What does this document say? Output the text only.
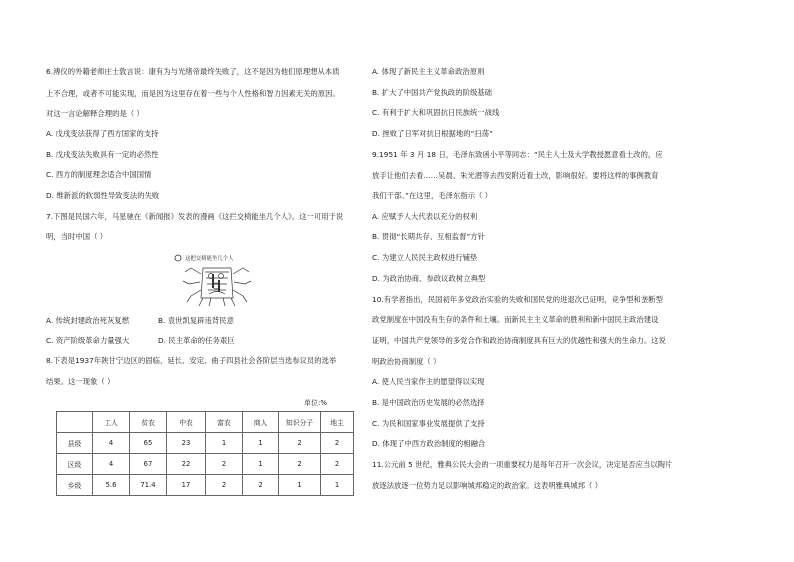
6.溥仪的外籍老师庄士敦言说：康有为与光绪帝最终失败了，这不是因为他们原理想从本质
上不合理，或者不可能实现，而是因为这里存在着一些与个人性格和智力因素无关的原因。
对这一言论解释合理的是（ ）
A. 戊戌变法获得了西方国家的支持
B. 戊戌变法失败具有一定的必然性
C. 西方的制度理念适合中国国情
D. 维新派的软弱性导致变法的失败
7.下图是民国六年，马星驰在《新闻报》发表的漫画《这拦交椅能坐几个人》。这一可用于说
明，当时中国（ ）
这把交椅能坐几个人
A. 传统封建政治死灰复燃	B. 袁世凯复辟违背民意
C. 资产阶级革命力量强大	D. 民主革命的任务艰巨
8.下表是1937年陕甘宁边区的固临、延长、安定、曲子四县社会各阶层当选参议员的选举
结果。这一现象（ ）
单位:%
	工人	贫农	中农	富农	商人	知识分子	地主
县级	4	65	23	1	1	2	2
区级	4	67	22	2	1	2	2
乡级	5.6	71.4	17	2	2	1	1
A. 体现了新民主主义革命政治原则
B. 扩大了中国共产党执政的阶级基础
C. 有利于扩大和巩固抗日民族统一战线
D. 挫败了日军对抗日根据地的“扫荡”
9.1951 年 3 月 18 日，毛泽东致函小平等同志：“民主人士及大学教授愿意看土改的，应
放手让他们去看……吴晨、朱光潜等去西安附近看土改，影响很好。要将这样的事例教育
我们干部。”在这里，毛泽东指示（ ）
A. 应赋予人大代表以充分的权利
B. 贯彻“长期共存、互相监督”方针
C. 为建立人民民主政权进行铺垫
D. 为政治协商、参政议政树立典型
10.有学者指出，民国初年多党政治实验的失败和国民党的进退次已证明，竞争型和垄断型
政党制度在中国没有生存的条件和土壤。而新民主主义革命的胜利和新中国民主政治建设
证明，中国共产党领导的多党合作和政治协商制度具有巨大的优越性和强大的生命力。这说
明政治协商制度（ ）
A. 使人民当家作主的愿望得以实现
B. 是中国政治历史发展的必然选择
C. 为民和国家事业发展提供了支持
D. 体现了中西方政治制度的相融合
11.公元前 5 世纪，雅典公民大会的一项重要权力是每年召开一次会议，决定是否应当以陶片
放逐法放逐一位势力足以影响城邦稳定的政治家。这表明雅典城邦（ ）
